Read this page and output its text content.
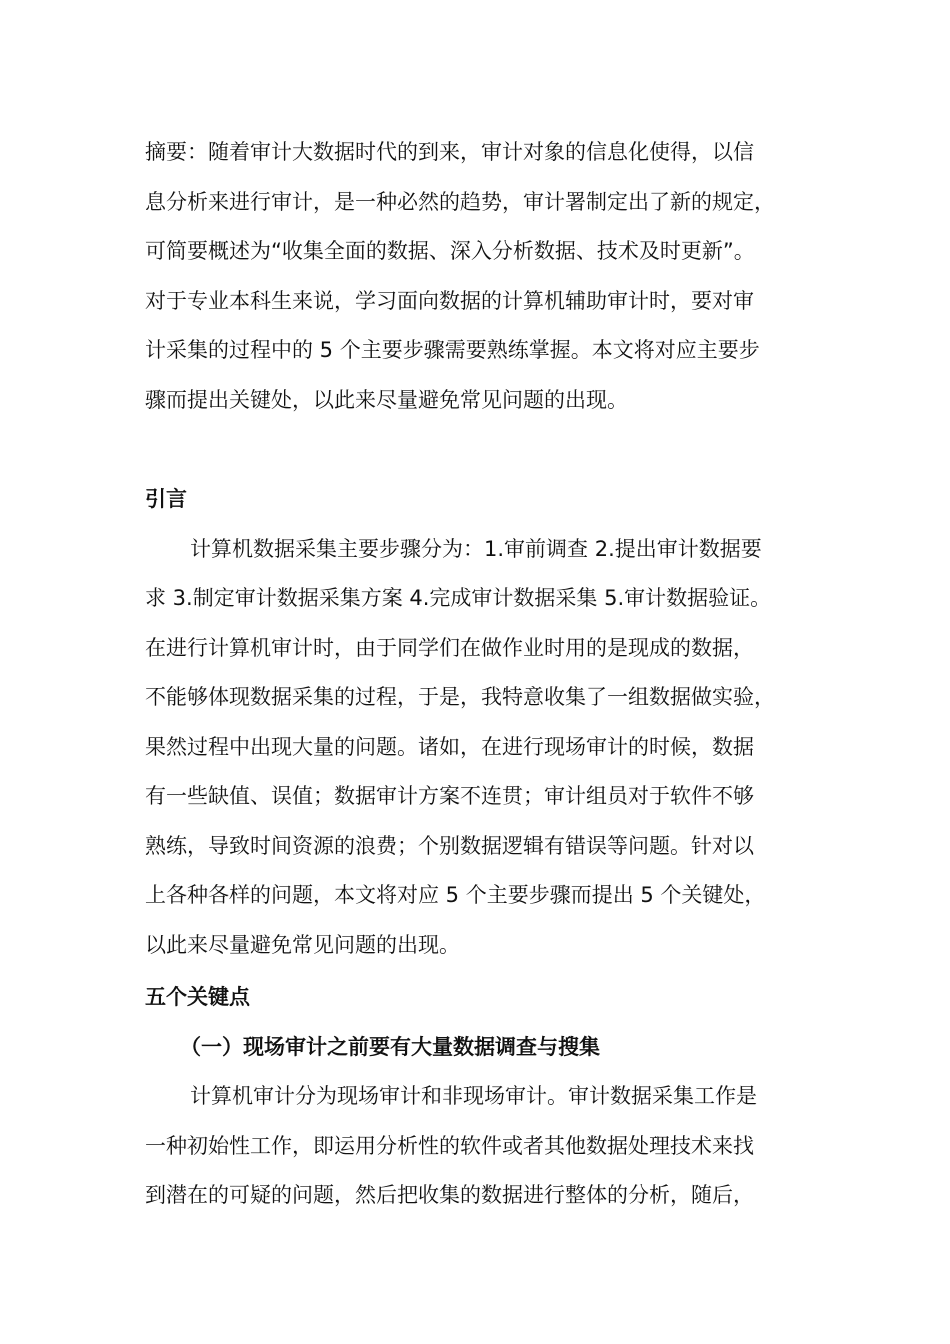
摘要：随着审计大数据时代的到来，审计对象的信息化使得，以信
息分析来进行审计，是一种必然的趋势，审计署制定出了新的规定，
可简要概述为“收集全面的数据、深入分析数据、技术及时更新”。
对于专业本科生来说，学习面向数据的计算机辅助审计时，要对审
计采集的过程中的 5 个主要步骤需要熟练掌握。本文将对应主要步
骤而提出关键处，以此来尽量避免常见问题的出现。
引言
计算机数据采集主要步骤分为：1.审前调查 2.提出审计数据要
求 3.制定审计数据采集方案 4.完成审计数据采集 5.审计数据验证。
在进行计算机审计时，由于同学们在做作业时用的是现成的数据，
不能够体现数据采集的过程，于是，我特意收集了一组数据做实验，
果然过程中出现大量的问题。诸如，在进行现场审计的时候，数据
有一些缺值、误值；数据审计方案不连贯；审计组员对于软件不够
熟练，导致时间资源的浪费；个别数据逻辑有错误等问题。针对以
上各种各样的问题，本文将对应 5 个主要步骤而提出 5 个关键处，
以此来尽量避免常见问题的出现。
五个关键点
（一）现场审计之前要有大量数据调查与搜集
计算机审计分为现场审计和非现场审计。审计数据采集工作是
一种初始性工作，即运用分析性的软件或者其他数据处理技术来找
到潜在的可疑的问题，然后把收集的数据进行整体的分析，随后，
